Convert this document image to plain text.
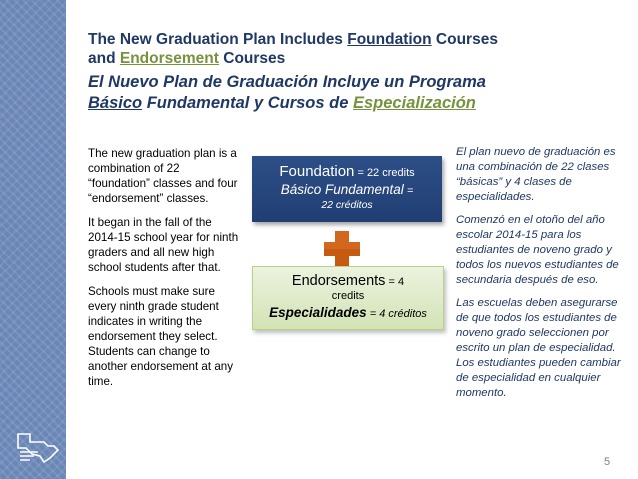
The New Graduation Plan Includes Foundation Courses
and Endorsement Courses
El Nuevo Plan de Graduación Incluye un Programa
Básico Fundamental y Cursos de Especialización

The new graduation plan is a combination of 22 “foundation” classes and four “endorsement” classes.

It began in the fall of the 2014-15 school year for ninth graders and all new high school students after that.

Schools must make sure every ninth grade student indicates in writing the endorsement they select. Students can change to another endorsement at any time.

Foundation = 22 credits
Básico Fundamental =
22 créditos
Endorsements = 4
credits
Especialidades = 4 créditos

El plan nuevo de graduación es una combinación de 22 clases “básicas” y 4 clases de especialidades.

Comenzó en el otoño del año escolar 2014-15 para los estudiantes de noveno grado y todos los nuevos estudiantes de secundaria después de eso.

Las escuelas deben asegurarse de que todos los estudiantes de noveno grado seleccionen por escrito un plan de especialidad. Los estudiantes pueden cambiar de especialidad en cualquier momento.

5
